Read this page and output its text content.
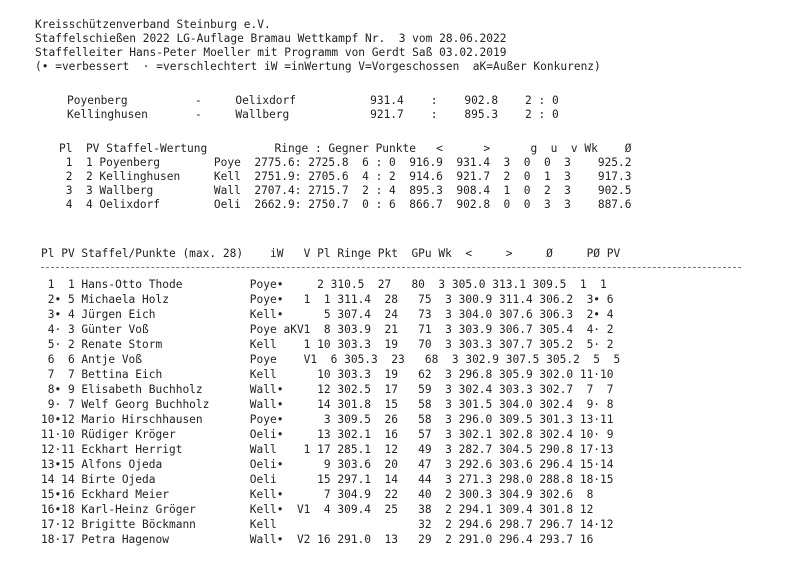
Kreisschützenverband Steinburg e.V.
Staffelschießen 2022 LG-Auflage Bramau Wettkampf Nr.  3 vom 28.06.2022
Staffelleiter Hans-Peter Moeller mit Programm von Gerdt Saß 03.02.2019
(• =verbessert  · =verschlechtert iW =inWertung V=Vorgeschossen  aK=Außer Konkurenz)
Poyenberg          -     Oelixdorf           931.4    :    902.8    2 : 0
Kellinghusen       -     Wallberg            921.7    :    895.3    2 : 0
Pl  PV Staffel-Wertung          Ringe : Gegner Punkte   <      >      g  u  v Wk    Ø
1  1 Poyenberg        Poye  2775.6: 2725.8  6 : 0  916.9  931.4  3  0  0  3    925.2
2  2 Kellinghusen     Kell  2751.9: 2705.6  4 : 2  914.6  921.7  2  0  1  3    917.3
3  3 Wallberg         Wall  2707.4: 2715.7  2 : 4  895.3  908.4  1  0  2  3    902.5
4  4 Oelixdorf        Oeli  2662.9: 2750.7  0 : 6  866.7  902.8  0  0  3  3    887.6
Pl PV Staffel/Punkte (max. 28)    iW   V Pl Ringe Pkt  GPu Wk  <     >     Ø     PØ PV
1  1 Hans-Otto Thode          Poye•     2 310.5  27   80  3 305.0 313.1 309.5  1  1
2• 5 Michaela Holz            Poye•   1  1 311.4  28   75  3 300.9 311.4 306.2  3• 6
3• 4 Jürgen Eich              Kell•      5 307.4  24   73  3 304.0 307.6 306.3  2• 4
4· 3 Günter Voß               Poye aKV1  8 303.9  21   71  3 303.9 306.7 305.4  4· 2
5· 2 Renate Storm             Kell    1 10 303.3  19   70  3 303.3 307.7 305.2  5· 2
6  6 Antje Voß                Poye    V1  6 305.3  23   68  3 302.9 307.5 305.2  5  5
7  7 Bettina Eich             Kell      10 303.3  19   62  3 296.8 305.9 302.0 11·10
8• 9 Elisabeth Buchholz       Wall•     12 302.5  17   59  3 302.4 303.3 302.7  7  7
9· 7 Welf Georg Buchholz      Wall•     14 301.8  15   58  3 301.5 304.0 302.4  9· 8
10•12 Mario Hirschhausen       Poye•      3 309.5  26   58  3 296.0 309.5 301.3 13·11
11·10 Rüdiger Kröger           Oeli•     13 302.1  16   57  3 302.1 302.8 302.4 10· 9
12·11 Eckhart Herrigt          Wall    1 17 285.1  12   49  3 282.7 304.5 290.8 17·13
13•15 Alfons Ojeda             Oeli•      9 303.6  20   47  3 292.6 303.6 296.4 15·14
14 14 Birte Ojeda              Oeli      15 297.1  14   44  3 271.3 298.0 288.8 18·15
15•16 Eckhard Meier            Kell•      7 304.9  22   40  2 300.3 304.9 302.6  8
16•18 Karl-Heinz Gröger        Kell•  V1  4 309.4  25   38  2 294.1 309.4 301.8 12
17·12 Brigitte Böckmann        Kell                     32  2 294.6 298.7 296.7 14·12
18·17 Petra Hagenow            Wall•  V2 16 291.0  13   29  2 291.0 296.4 293.7 16
